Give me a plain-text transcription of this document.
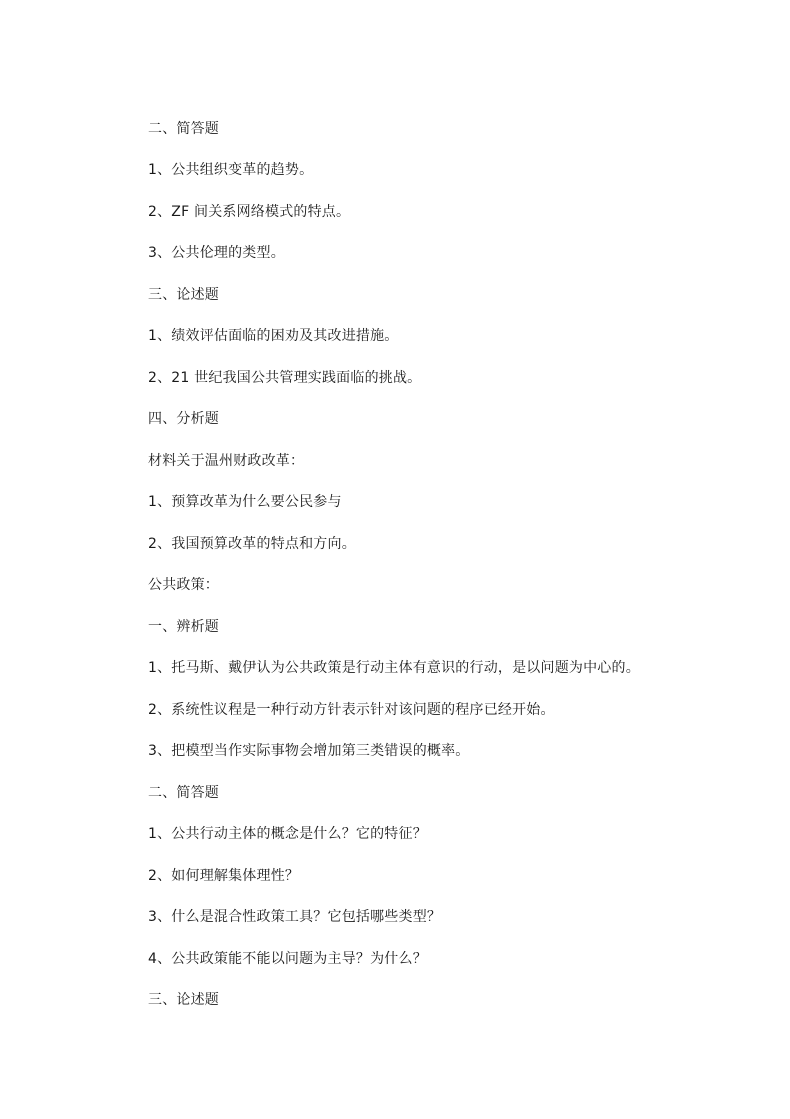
二、简答题
1、公共组织变革的趋势。
2、ZF 间关系网络模式的特点。
3、公共伦理的类型。
三、论述题
1、绩效评估面临的困劝及其改进措施。
2、21 世纪我国公共管理实践面临的挑战。
四、分析题
材料关于温州财政改革：
1、预算改革为什么要公民参与
2、我国预算改革的特点和方向。
公共政策：
一、辨析题
1、托马斯、戴伊认为公共政策是行动主体有意识的行动，是以问题为中心的。
2、系统性议程是一种行动方针表示针对该问题的程序已经开始。
3、把模型当作实际事物会增加第三类错误的概率。
二、简答题
1、公共行动主体的概念是什么？它的特征？
2、如何理解集体理性？
3、什么是混合性政策工具？它包括哪些类型？
4、公共政策能不能以问题为主导？为什么？
三、论述题
